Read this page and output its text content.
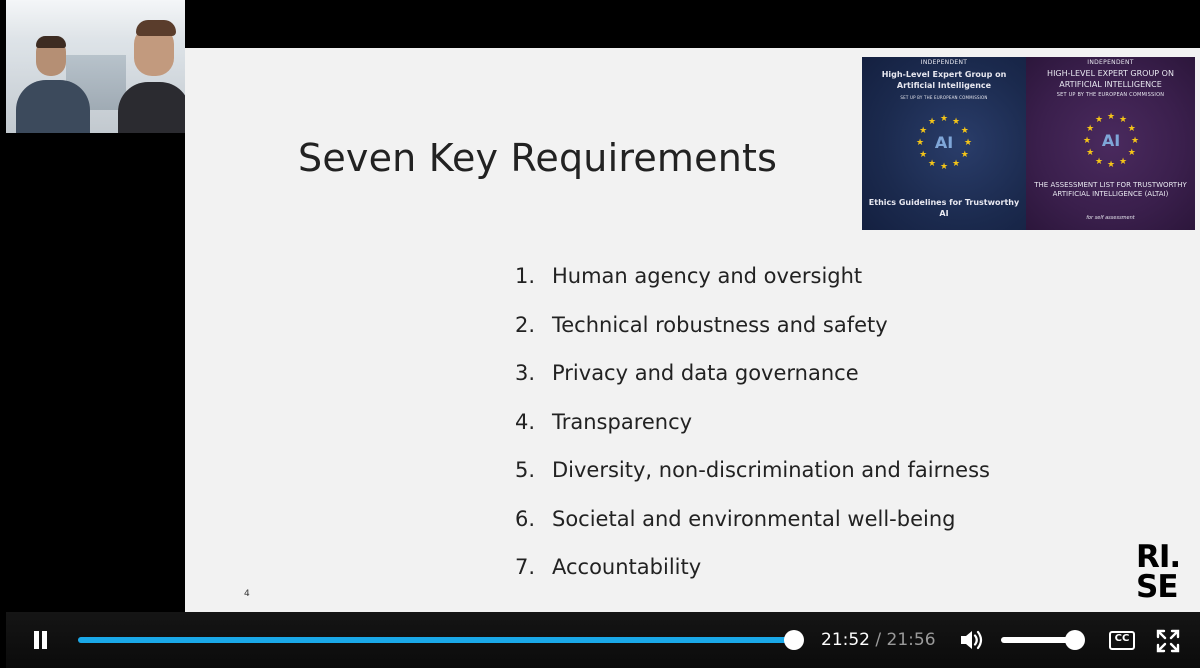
Seven Key Requirements
INDEPENDENT
High-Level Expert Group on Artificial Intelligence
SET UP BY THE EUROPEAN COMMISSION
★ ★
★
★
★
★
★
★
★
★
★
★
AI
Ethics Guidelines for Trustworthy AI
INDEPENDENT
HIGH-LEVEL EXPERT GROUP ON ARTIFICIAL INTELLIGENCE
SET UP BY THE EUROPEAN COMMISSION
★ ★
★
★
★
★
★
★
★
★
★
★
AI
THE ASSESSMENT LIST FOR TRUSTWORTHY ARTIFICIAL INTELLIGENCE (ALTAI)
for self assessment
1. Human agency and oversight
2. Technical robustness and safety
3. Privacy and data governance
4. Transparency
5. Diversity, non-discrimination and fairness
6. Societal and environmental well-being
7. Accountability
4
RI.
SE
21:52 / 21:56	CC
